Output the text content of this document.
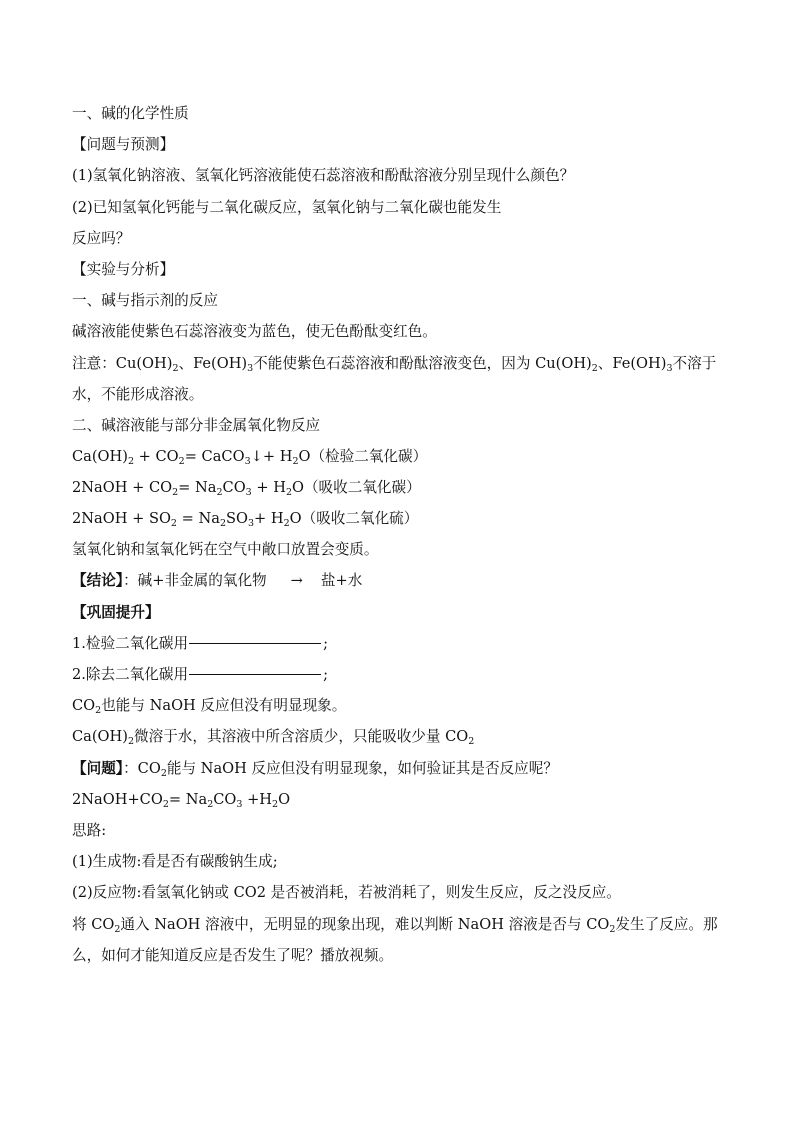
一、碱的化学性质
【问题与预测】
(1)氢氧化钠溶液、氢氧化钙溶液能使石蕊溶液和酚酞溶液分别呈现什么颜色？
(2)已知氢氧化钙能与二氧化碳反应，氢氧化钠与二氧化碳也能发生
反应吗？
【实验与分析】
一、碱与指示剂的反应
碱溶液能使紫色石蕊溶液变为蓝色，使无色酚酞变红色。
注意：$Cu(OH)_2$、$Fe(OH)_3$不能使紫色石蕊溶液和酚酞溶液变色，因为 $Cu(OH)_2$、$Fe(OH)_3$不溶于水，不能形成溶液。
二、碱溶液能与部分非金属氧化物反应
$Ca(OH)_2 + CO_2=$ CaCO$_3$↓+ $H_2O$（检验二氧化碳）
2NaOH + $CO_2= Na_2CO_3 + H_2O$（吸收二氧化碳）
2NaOH + $SO_2 = Na_2SO_3+ H_2O$（吸收二氧化硫）
氢氧化钠和氢氧化钙在空气中敞口放置会变质。
【结论】：碱+非金属的氧化物 → 盐+水
【巩固提升】
1.检验二氧化碳用	;
2.除去二氧化碳用	;
$CO_2$也能与 NaOH 反应但没有明显现象。
$Ca(OH)_2$微溶于水，其溶液中所含溶质少，只能吸收少量 $CO_2$
【问题】：$CO_2$能与 NaOH 反应但没有明显现象，如何验证其是否反应呢？
$2NaOH+CO_2= Na_2CO_3 +H_2O$
思路:
(1)生成物:看是否有碳酸钠生成;
(2)反应物:看氢氧化钠或 CO2 是否被消耗，若被消耗了，则发生反应，反之没反应。
将 $CO_2$通入 NaOH 溶液中，无明显的现象出现，难以判断 NaOH 溶液是否与 $CO_2$发生了反应。那么，如何才能知道反应是否发生了呢？播放视频。
